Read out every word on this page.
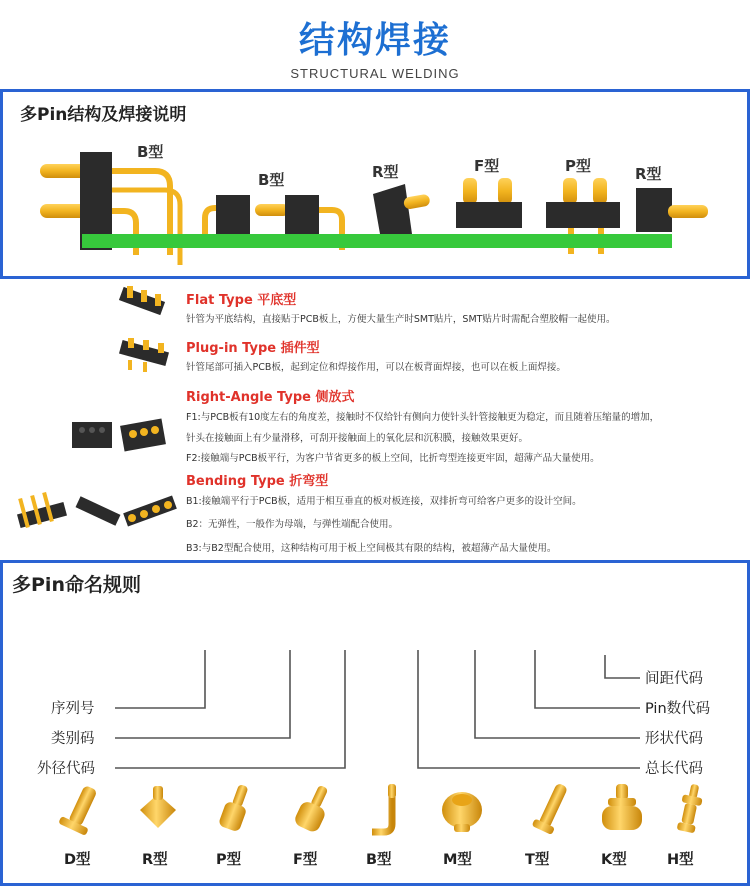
结构焊接
STRUCTURAL WELDING
多Pin结构及焊接说明
B型
B型	R型	F型	P型	R型
Flat Type 平底型
针管为平底结构，直接贴于PCB板上，方便大量生产时SMT贴片，SMT贴片时需配合塑胶帽一起使用。
Plug-in Type 插件型
针管尾部可插入PCB板，起到定位和焊接作用，可以在板背面焊接，也可以在板上面焊接。
Right-Angle Type 侧放式
F1:与PCB板有10度左右的角度差，接触时不仅给针有侧向力使针头针管接触更为稳定，而且随着压缩量的增加，
针头在接触面上有少量滑移，可刮开接触面上的氧化层和沉积膜，接触效果更好。
F2:接触端与PCB板平行，为客户节省更多的板上空间，比折弯型连接更牢固，超薄产品大量使用。
Bending Type 折弯型
B1:接触端平行于PCB板，适用于相互垂直的板对板连接，双排折弯可给客户更多的设计空间。
B2：无弹性，一般作为母端，与弹性端配合使用。
B3:与B2型配合使用，这种结构可用于板上空间极其有限的结构，被超薄产品大量使用。
多Pin命名规则
序列号
类别码
外径代码
间距代码
Pin数代码
形状代码
总长代码
D型	R型	P型	F型	B型	M型	T型	K型	H型
